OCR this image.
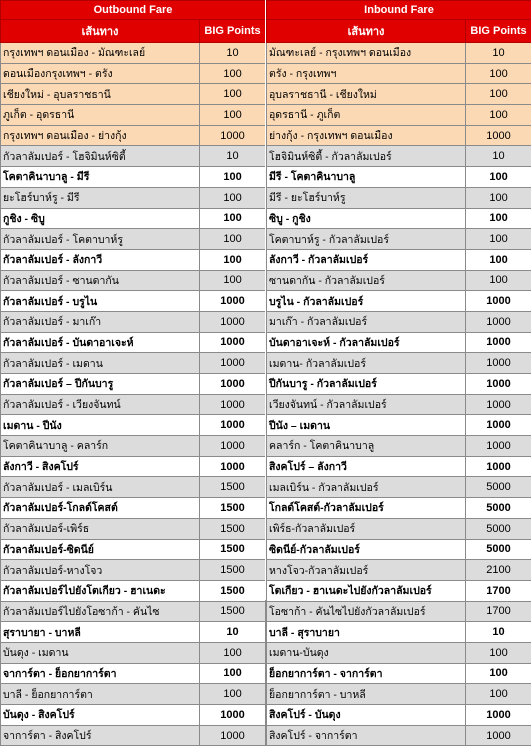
Outbound Fare	
เส้นทาง	BIG Points
กรุงเทพฯ ดอนเมือง - มัณฑะเลย์	10
ดอนเมืองกรุงเทพฯ - ตรัง	100
เชียงใหม่ - อุบลราชธานี	100
ภูเก็ต - อุดรธานี	100
กรุงเทพฯ ดอนเมือง - ย่างกุ้ง	1000
กัวลาลัมเปอร์ - โฮจิมินห์ซิตี้	10
โคตาคินาบาลู - มีรี	100
ยะโฮร์บาห์รู - มีรี	100
กูชิง - ซิบู	100
กัวลาลัมเปอร์ - โคตาบาห์รู	100
กัวลาลัมเปอร์ - ลังกาวี	100
กัวลาลัมเปอร์ - ซานดากัน	100
กัวลาลัมเปอร์ - บรูไน	1000
กัวลาลัมเปอร์ - มาเก๊า	1000
กัวลาลัมเปอร์ - บันดาอาเจะห์	1000
กัวลาลัมเปอร์ - เมดาน	1000
กัวลาลัมเปอร์ – ปีกันบารู	1000
กัวลาลัมเปอร์ - เวียงจันทน์	1000
เมดาน - ปีนัง	1000
โคตาคินาบาลู - คลาร์ก	1000
ลังกาวี - สิงคโปร์	1000
กัวลาลัมเปอร์ - เมลเบิร์น	1500
กัวลาลัมเปอร์-โกลด์โคสต์	1500
กัวลาลัมเปอร์-เพิร์ธ	1500
กัวลาลัมเปอร์-ซิดนีย์	1500
กัวลาลัมเปอร์-หางโจว	1500
กัวลาลัมเปอร์ไปยังโตเกียว - ฮาเนดะ	1500
กัวลาลัมเปอร์ไปยังโอซาก้า - คันไซ	1500
สุราบายา - บาหลี	10
บันดุง - เมดาน	100
จาการ์ตา - ย็อกยาการ์ตา	100
บาลี - ย็อกยาการ์ตา	100
บันดุง - สิงคโปร์	1000
จาการ์ตา - สิงคโปร์	1000
Inbound Fare	
เส้นทาง	BIG Points
มัณฑะเลย์ - กรุงเทพฯ ดอนเมือง	10
ตรัง - กรุงเทพฯ	100
อุบลราชธานี - เชียงใหม่	100
อุดรธานี - ภูเก็ต	100
ย่างกุ้ง - กรุงเทพฯ ดอนเมือง	1000
โฮจิมินห์ซิตี้ - กัวลาลัมเปอร์	10
มีรี - โคตาคินาบาลู	100
มีรี - ยะโฮร์บาห์รู	100
ซิบู - กูชิง	100
โคตาบาห์รู - กัวลาลัมเปอร์	100
ลังกาวี - กัวลาลัมเปอร์	100
ซานดากัน - กัวลาลัมเปอร์	100
บรูไน - กัวลาลัมเปอร์	1000
มาเก๊า - กัวลาลัมเปอร์	1000
บันดาอาเจะห์ - กัวลาลัมเปอร์	1000
เมดาน- กัวลาลัมเปอร์	1000
ปีกันบารู - กัวลาลัมเปอร์	1000
เวียงจันทน์ - กัวลาลัมเปอร์	1000
ปีนัง – เมดาน	1000
คลาร์ก - โคตาคินาบาลู	1000
สิงคโปร์ – ลังกาวี	1000
เมลเบิร์น - กัวลาลัมเปอร์	5000
โกลด์โคสต์-กัวลาลัมเปอร์	5000
เพิร์ธ-กัวลาลัมเปอร์	5000
ซิดนีย์-กัวลาลัมเปอร์	5000
หางโจว-กัวลาลัมเปอร์	2100
โตเกียว - ฮาเนดะไปยังกัวลาลัมเปอร์	1700
โอซาก้า - คันไซไปยังกัวลาลัมเปอร์	1700
บาลี - สุราบายา	10
เมดาน-บันดุง	100
ย็อกยาการ์ตา - จาการ์ตา	100
ย็อกยาการ์ตา - บาหลี	100
สิงคโปร์ - บันดุง	1000
สิงคโปร์ - จาการ์ตา	1000
